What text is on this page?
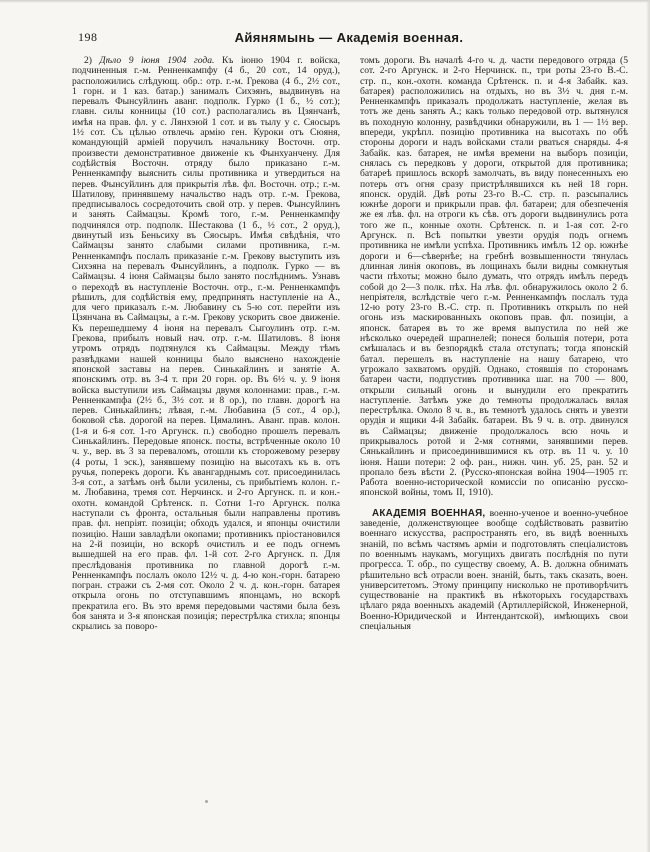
198	Айянямынь — Академія военная.

2) Дѣло 9 іюня 1904 года. Къ іюню 1904 г. войска, подчиненныя г.-м. Ренненкампфу (4 б., 20 сот., 14 оруд.), расположились слѣдующ. обр.: отр. г.-м. Грекова (4 б., 2½ сот., 1 горн. и 1 каз. батар.) занималъ Сихэянъ, выдвинувъ на перевалъ Фынсуйлинъ аванг. подполк. Гурко (1 б., ½ сот.); главн. силы конницы (10 сот.) располагались въ Цзянчанѣ, имѣя на прав. фл. у с. Лянхэюй 1 сот. и въ тылу у с. Сяосыръ 1½ сот. Съ цѣлью отвлечь армію ген. Куроки отъ Сюяня, командующій арміей поручилъ начальнику Восточн. отр. произвести демонстративное движеніе къ Фынхуанчену. Для содѣйствія Восточн. отряду было приказано г.-м. Ренненкампфу выяснить силы противника и утвердиться на перев. Фынсуйлинъ для прикрытія лѣв. фл. Восточн. отр.; г.-м. Шатилову, принявшему начальство надъ отр. г.-м. Грекова, предписывалось сосредоточить свой отр. у перев. Фынсуйлинъ и занять Саймацзы. Кромѣ того, г.-м. Ренненкампфу подчинялся отр. подполк. Шестакова (1 б., ½ сот., 2 оруд.), двинутый изъ Беньсиху въ Сяосыръ. Имѣя свѣдѣнія, что Саймацзы занято слабыми силами противника, г.-м. Ренненкампфъ послалъ приказаніе г.-м. Грекову выступить изъ Сихэяна на перевалъ Фынсуйлинъ, а подполк. Гурко — въ Саймацзы. 4 іюня Саймацзы было занято послѣднимъ. Узнавъ о переходѣ въ наступленіе Восточн. отр., г.-м. Ренненкампфъ рѣшилъ, для содѣйствія ему, предпринять наступленіе на А., для чего приказалъ г.-м. Любавину съ 5-ю сот. перейти изъ Цзянчана въ Саймацзы, а г.-м. Грекову ускорить свое движеніе. Къ перешедшему 4 іюня на перевалъ Сыгоулинъ отр. г.-м. Грекова, прибылъ новый нач. отр. г.-м. Шатиловъ. 8 іюня утромъ отрядъ подтянулся къ Саймацзы. Между тѣмъ развѣдками нашей конницы было выяснено нахожденіе японской заставы на перев. Синькайлинъ и занятіе А. японскимъ отр. въ 3-4 т. при 20 горн. ор. Въ 6½ ч. у. 9 іюня войска выступили изъ Саймацзы двумя колоннами: прав., г.-м. Ренненкампфа (2½ б., 3½ сот. и 8 ор.), по главн. дорогѣ на перев. Синькайлинъ; лѣвая, г.-м. Любавина (5 сот., 4 ор.), боковой сѣв. дорогой на перев. Цямалинъ. Аванг. прав. колон. (1-я и 6-я сот. 1-го Аргунск. п.) свободно прошелъ перевалъ Синькайлинъ. Передовые японск. посты, встрѣченные около 10 ч. у., вер. въ 3 за переваломъ, отошли къ сторожевому резерву (4 роты, 1 эск.), занявшему позицію на высотахъ къ в. отъ ручья, поперекъ дороги. Къ авангарднымъ сот. присоединилась 3-я сот., а затѣмъ онѣ были усилены, съ прибытіемъ колон. г.-м. Любавина, тремя сот. Нерчинск. и 2-го Аргунск. п. и кон.-охотн. командой Срѣтенск. п. Сотни 1-го Аргунск. полка наступали съ фронта, остальныя были направлены противъ прав. фл. непріят. позиціи; обходъ удался, и японцы очистили позицію. Наши завладѣли окопами; противникъ пріостановился на 2-й позиціи, но вскорѣ очистилъ и ее подъ огнемъ вышедшей на его прав. фл. 1-й сот. 2-го Аргунск. п. Для преслѣдованія противника по главной дорогѣ г.-м. Ренненкампфъ послалъ около 12½ ч. д. 4-ю кон.-горн. батарею погран. стражи съ 2-мя сот. Около 2 ч. д. кон.-горн. батарея открыла огонь по отступавшимъ японцамъ, но вскорѣ прекратила его. Въ это время передовыми частями была безъ боя занята и 3-я японская позиція; перестрѣлка стихла; японцы скрылись за поворо-

томъ дороги. Въ началѣ 4-го ч. д. части передового отряда (5 сот. 2-го Аргунск. и 2-го Нерчинск. п., три роты 23-го В.-С. стр. п., кон.-охотн. команда Срѣтенск. п. и 4-я Забайк. каз. батарея) расположились на отдыхъ, но въ 3½ ч. дня г.-м. Ренненкампфъ приказалъ продолжать наступленіе, желая въ тотъ же день занять А.; какъ только передовой отр. вытянулся въ походную колонну, развѣдчики обнаружили, въ 1 — 1½ вер. впереди, укрѣпл. позицію противника на высотахъ по обѣ стороны дороги и надъ войсками стали рваться снаряды. 4-я Забайк. каз. батарея, не имѣя времени на выборъ позиціи, снялась съ передковъ у дороги, открытой для противника; батареѣ пришлось вскорѣ замолчать, въ виду понесенныхъ ею потерь отъ огня сразу пристрѣлявшихся къ ней 18 горн. японск. орудій. Двѣ роты 23-го В.-С. стр. п. разсыпались южнѣе дороги и прикрыли прав. фл. батареи; для обезпеченія же ея лѣв. фл. на отроги къ сѣв. отъ дороги выдвинулись рота того же п., конные охотн. Срѣтенск. п. и 1-ая сот. 2-го Аргунск. п. Всѣ попытки увезти орудія подъ огнемъ противника не имѣли успѣха. Противникъ имѣлъ 12 ор. южнѣе дороги и 6—сѣвернѣе; на гребнѣ возвышенности тянулась длинная линія окоповъ, въ лощинахъ были видны сомкнутыя части пѣхоты; можно было думать, что отрядъ имѣлъ передъ собой до 2—3 полк. пѣх. На лѣв. фл. обнаружилось около 2 б. непріятеля, вслѣдствіе чего г.-м. Ренненкампфъ послалъ туда 12-ю роту 23-го В.-С. стр. п. Противникъ открылъ по ней огонь изъ маскированныхъ окоповъ прав. фл. позиціи, а японск. батарея въ то же время выпустила по ней же нѣсколько очередей шрапнелей; понеся большія потери, рота смѣшалась и въ безпорядкѣ стала отступать; тогда японскій батал. перешелъ въ наступленіе на нашу батарею, что угрожало захватомъ орудій. Однако, стоявшія по сторонамъ батареи части, подпустивъ противника шаг. на 700 — 800, открыли сильный огонь и вынудили его прекратить наступленіе. Затѣмъ уже до темноты продолжалась вялая перестрѣлка. Около 8 ч. в., въ темнотѣ удалось снять и увезти орудія и ящики 4-й Забайк. батареи. Въ 9 ч. в. отр. двинулся въ Саймацзы; движеніе продолжалось всю ночь и прикрывалось ротой и 2-мя сотнями, занявшими перев. Сянькайлинъ и присоединившимися къ отр. въ 11 ч. у. 10 іюня. Наши потери: 2 оф. ран., нижн. чин. уб. 25, ран. 52 и пропало безъ вѣсти 2. (Русско-японская война 1904—1905 гг. Работа военно-исторической комиссіи по описанію русско-японской войны, томъ II, 1910).

АКАДЕМІЯ ВОЕННАЯ, военно-ученое и военно-учебное заведеніе, долженствующее вообще содѣйствовать развитію военнаго искусства, распространять его, въ видѣ военныхъ знаній, по всѣмъ частямъ арміи и подготовлять спеціалистовъ по военнымъ наукамъ, могущихъ двигать послѣднія по пути прогресса. Т. обр., по существу своему, А. В. должна обнимать рѣшительно всѣ отрасли воен. знаній, быть, такъ сказать, воен. университетомъ. Этому принципу нисколько не противорѣчитъ существованіе на практикѣ въ нѣкоторыхъ государствахъ цѣлаго ряда военныхъ академій (Артиллерійской, Инженерной, Военно-Юридической и Интендантской), имѣющихъ свои спеціальныя
